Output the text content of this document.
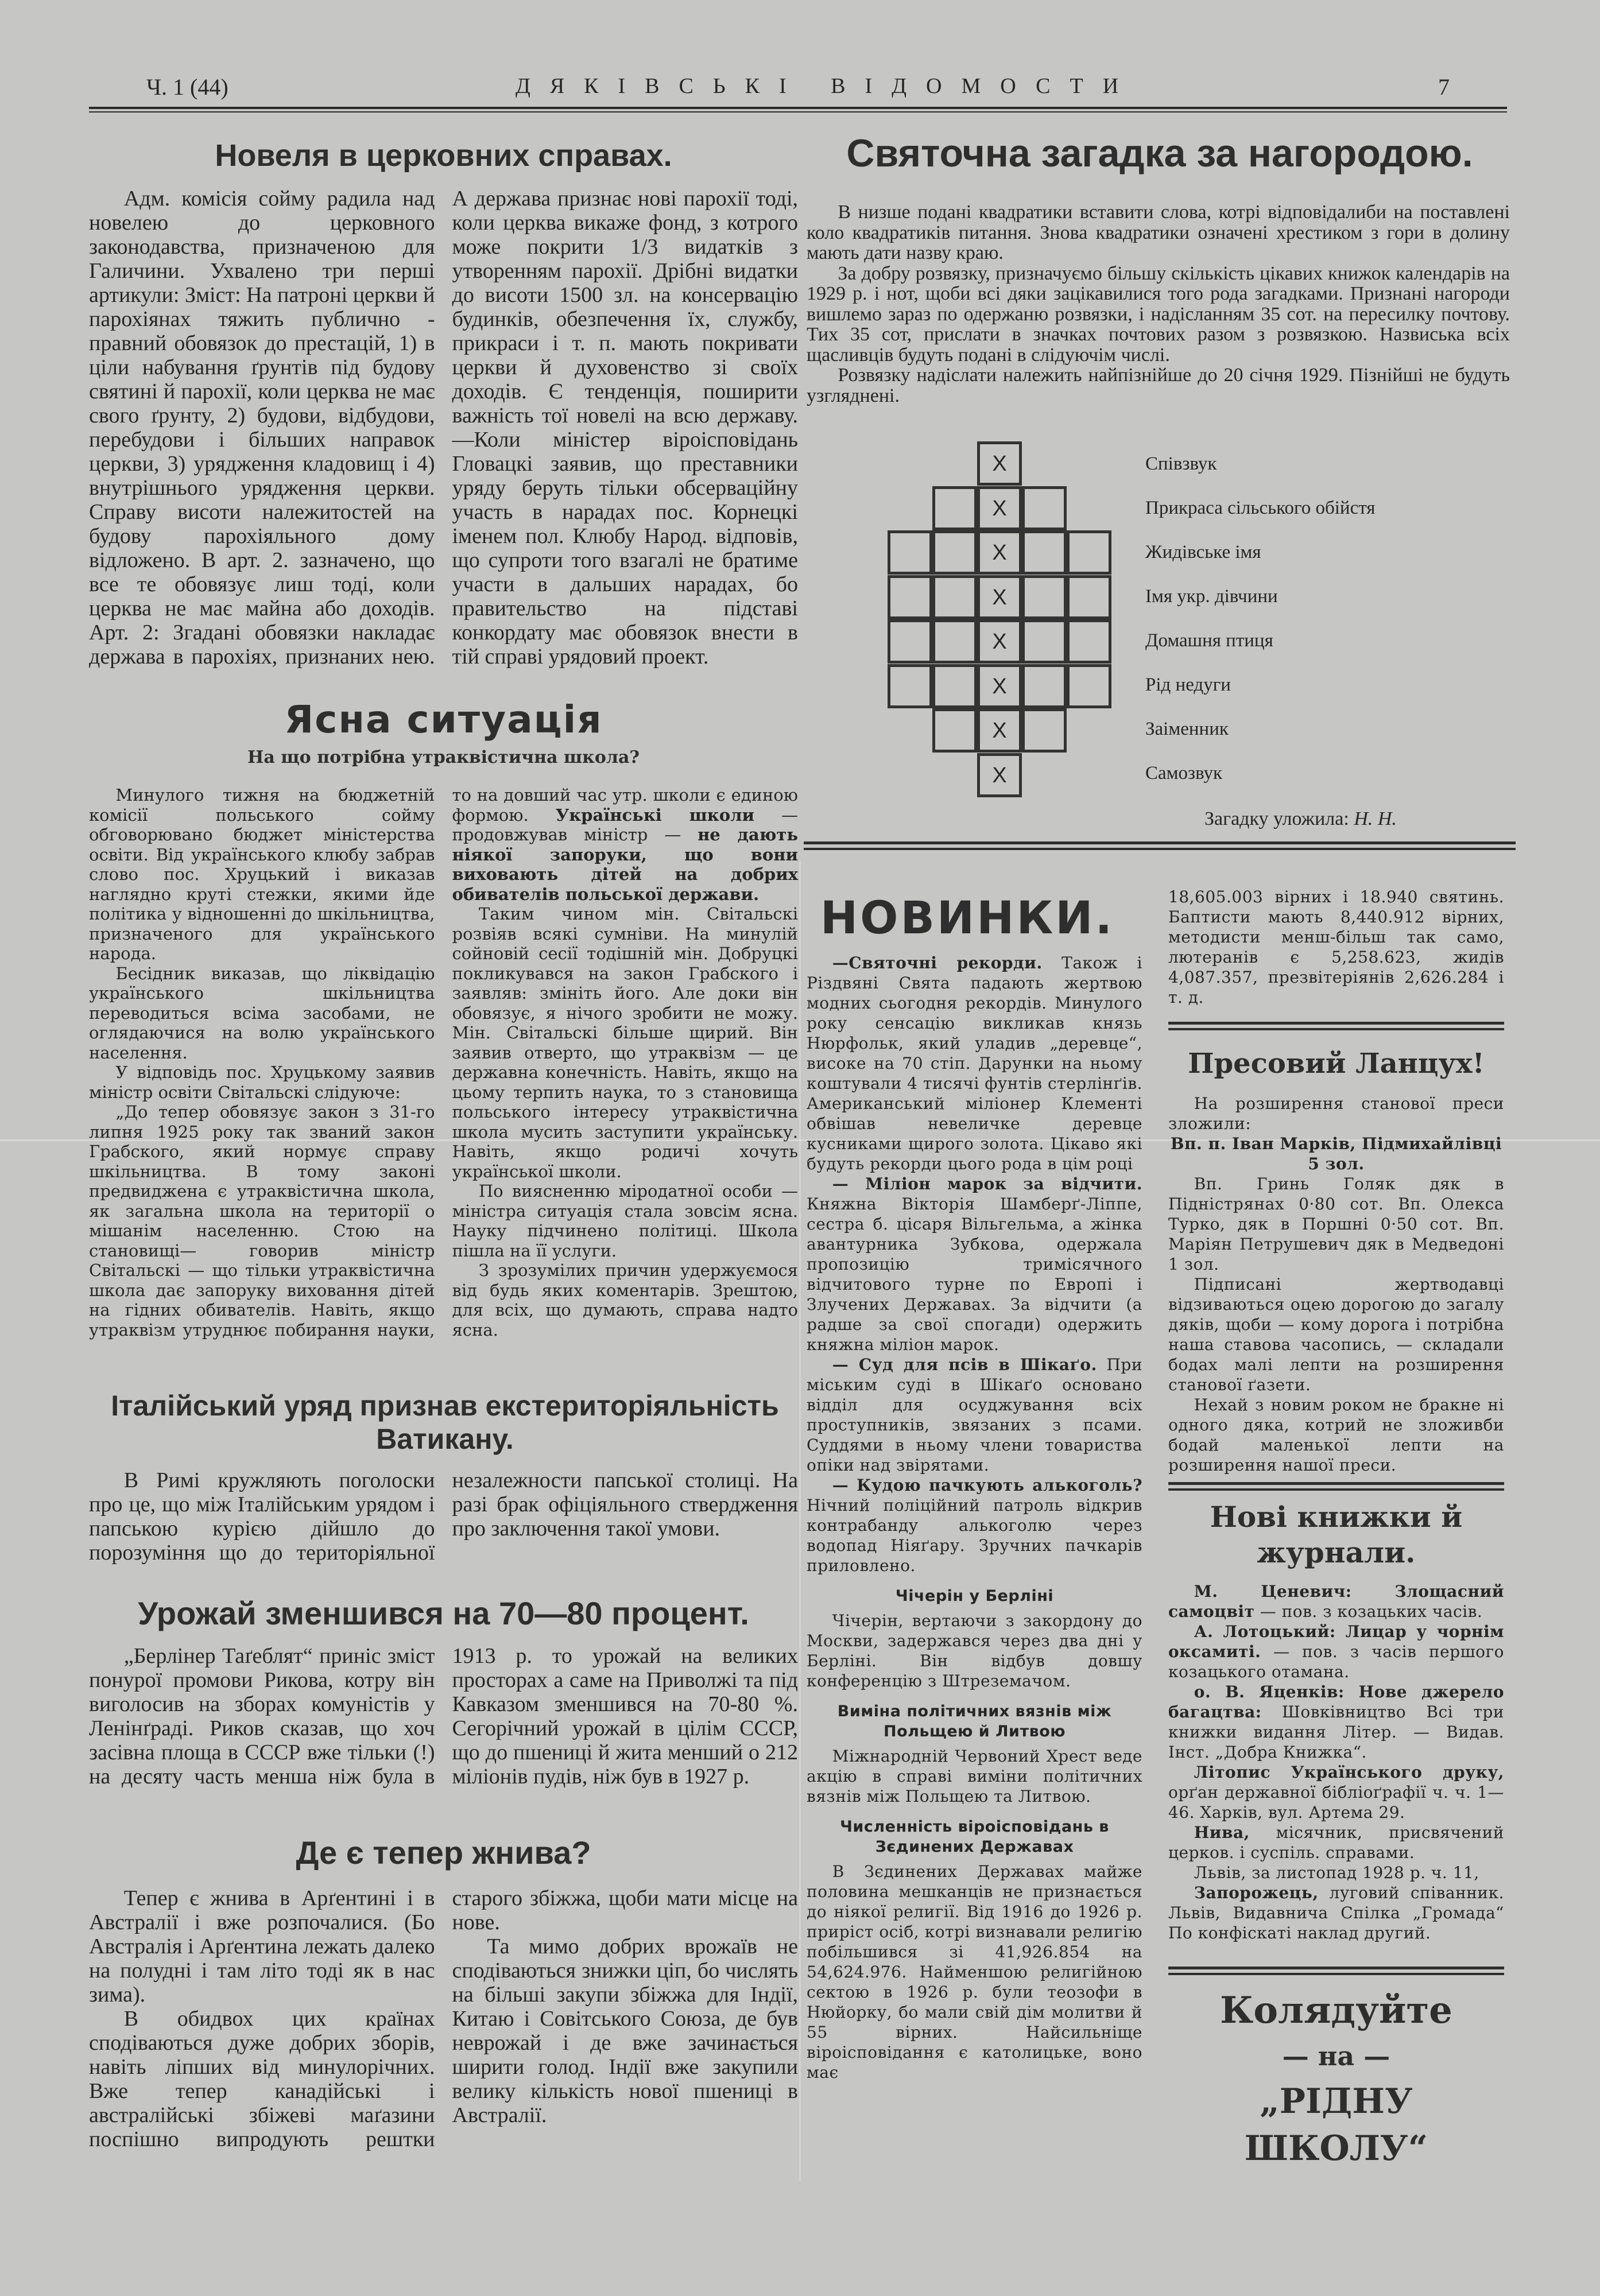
Ч. 1 (44)	ДЯКІВСЬКІ ВІДОМОСТИ	7
Новеля в церковних справах.

Адм. комісія сойму радила над новелею до церковного законодавства, призначеною для Галичини. Ухвалено три перші артикули: Зміст: На патроні церкви й парохіянах тяжить публично - правний обовязок до престацій, 1) в ціли набування ґрунтів під будову святині й парохії, коли церква не має свого ґрунту, 2) будови, відбудови, перебудови і більших направок церкви, 3) урядження кладовищ і 4) внутрішнього урядження церкви. Справу висоти належитостей на будову парохіяльного дому відложено. В арт. 2. зазначено, що все те обовязує лиш тоді, коли церква не має майна або доходів. Арт. 2: Згадані обовязки накладає держава в парохіях, признаних нею. А держава признає нові парохії тоді, коли церква викаже фонд, з котрого може покрити 1/3 видатків з утворенням парохії. Дрібні видатки до висоти 1500 зл. на консервацію будинків, обезпечення їх, службу, прикраси і т. п. мають покривати церкви й духовенство зі своїх доходів. Є тенденція, поширити важність тої новелі на всю державу. —Коли міністер віроісповідань Гловацкі заявив, що преставники уряду беруть тільки обсерваційну участь в нарадах пос. Корнецкі іменем пол. Клюбу Народ. відповів, що супроти того взагалі не братиме участи в дальших нарадах, бо правительство на підставі конкордату має обовязок внести в тій справі урядовий проект.

Ясна ситуація
На що потрібна утраквістична школа?

Минулого тижня на бюджетній комісії польського сойму обговорювано бюджет міністерства освіти. Від українського клюбу забрав слово пос. Хруцький і виказав наглядно круті стежки, якими йде політика у відношенні до шкільництва, призначеного для українського народа.

Бесідник виказав, що ліквідацію українського шкільництва переводиться всіма засобами, не оглядаючися на волю українського населення.

У відповідь пос. Хруцькому заявив міністр освіти Світальскі слідуюче:

„До тепер обовязує закон з 31-го липня 1925 року так званий закон Грабского, який нормує справу шкільництва. В тому законі предвиджена є утраквістична школа, як загальна школа на території о мішанім населенню. Стою на становищі— говорив міністр Світальскі — що тільки утраквістична школа дає запоруку виховання дітей на гідних обивателів. Навіть, якщо утраквізм утруднює побирання науки, то на довший час утр. школи є единою формою. Українські школи — продовжував міністр — не дають ніякої запоруки, що вони виховають дітей на добрих обивателів польської держави.

Таким чином мін. Світальскі розвіяв всякі сумніви. На минулій сойновій сесії тодішній мін. Добруцкі покликувався на закон Грабского і заявляв: змініть його. Але доки він обовязує, я нічого зробити не можу. Мін. Світальскі більше щирий. Він заявив отверто, що утраквізм — це державна конечність. Навіть, якщо на цьому терпить наука, то з становища польського інтересу утраквістична школа мусить заступити українську. Навіть, якщо родичі хочуть української школи.

По виясненню міродатної особи — міністра ситуація стала зовсім ясна. Науку підчинено політиці. Школа пішла на її услуги.

З зрозумілих причин удержуємося від будь яких коментарів. Зрештою, для всіх, що думають, справа надто ясна.

Італійський уряд признав екстериторіяльність Ватикану.

В Римі кружляють поголоски про це, що між Італійським урядом і папською курією дійшло до порозуміння що до територіяльної незалежности папської столиці. На разі брак офіціяльного ствердження про заключення такої умови.

Урожай зменшився на 70—80 процент.

„Берлінер Таґеблят“ приніс зміст понурої промови Рикова, котру він виголосив на зборах комуністів у Ленінґраді. Риков сказав, що хоч засівна площа в СССР вже тільки (!) на десяту часть менша ніж була в 1913 р. то урожай на великих просторах а саме на Приволжі та під Кавказом зменшився на 70-80 %. Сегорічний урожай в цілім СССР, що до пшениці й жита менший о 212 міліонів пудів, ніж був в 1927 р.

Де є тепер жнива?

Тепер є жнива в Арґентині і в Австралії і вже розпочалися. (Бо Австралія і Арґентина лежать далеко на полудні і там літо тоді як в нас зима).

В обидвох цих країнах сподіваються дуже добрих зборів, навіть ліпших від минулорічних. Вже тепер канадійські і австралійські збіжеві маґазини поспішно випродують рештки старого збіжжа, щоби мати місце на нове.

Та мимо добрих врожаїв не сподіваються знижки ціп, бо числять на більші закупи збіжжа для Індії, Китаю і Совітського Союза, де був неврожай і де вже зачинається ширити голод. Індії вже закупили велику кількість нової пшениці в Австралії.

Святочна загадка за нагородою.

В низше подані квадратики вставити слова, котрі відповідалиби на поставлені коло квадратиків питання. Знова квадратики означені хрестиком з гори в долину мають дати назву краю.

За добру розвязку, призначуємо більшу скількість цікавих книжок календарів на 1929 р. і нот, щоби всі дяки зацікавилися того рода загадками. Признані нагороди вишлемо зараз по одержаню розвязки, і надісланням 35 сот. на пересилку почтову. Тих 35 сот, прислати в значках почтових разом з розвязкою. Назвиська всіх щасливців будуть подані в слідуючім числі.

Розвязку надіслати належить найпізнійше до 20 січня 1929. Пізнійші не будуть узгляднені.

X
X
X
X
X
X
X
X
Співзвук
Прикраса сільського обійстя
Жидівське імя
Імя укр. дівчини
Домашня птиця
Рід недуги
Заіменник
Самозвук
Загадку уложила: Н. Н.
НОВИНКИ.

—Святочні рекорди. Також і Різдвяні Свята падають жертвою модних сьогодня рекордів. Минулого року сенсацію викликав князь Нюрфольк, який уладив „деревце“, високе на 70 стіп. Дарунки на ньому коштували 4 тисячі фунтів стерлінґів. Американський міліонер Клементі обвішав невеличке деревце кусниками щирого золота. Цікаво які будуть рекорди цього рода в цім році

— Міліон марок за відчити. Княжна Вікторія Шамберґ-Ліппе, сестра б. цісаря Вільгельма, а жінка авантурника Зубкова, одержала пропозицію тримісячного відчитового турне по Европі і Злучених Державах. За відчити (а радше за свої спогади) одержить княжна міліон марок.

— Суд для псів в Шікаґо. При міським суді в Шікаґо основано відділ для осуджування всіх проступників, звязаних з псами. Суддями в ньому члени товариства опіки над звірятами.

— Кудою пачкують алькоголь? Нічний поліційний патроль відкрив контрабанду алькоголю через водопад Ніяґару. Зручних пачкарів приловлено.

Чічерін у Берліні

Чічерін, вертаючи з закордону до Москви, задержався через два дні у Берліні. Він відбув довшу конференцію з Штреземачом.

Виміна політичних вязнів між Польщею й Литвою

Міжнародній Червоний Хрест веде акцію в справі виміни політичних вязнів між Польщею та Литвою.

Численність віроісповідань в Зєдинених Державах

В Зєдинених Державах майже половина мешканців не признається до ніякої религії. Від 1916 до 1926 р. приріст осіб, котрі визнавали религію побільшився зі 41,926.854 на 54,624.976. Найменшою религійною сектою в 1926 р. були теозофи в Нюйорку, бо мали свій дім молитви й 55 вірних. Найсильніще віроісповідання є католицьке, воно має

18,605.003 вірних і 18.940 святинь. Баптисти мають 8,440.912 вірних, методисти менш-більш так само, лютеранів є 5,258.623, жидів 4,087.357, презвітеріянів 2,626.284 і т. д.
Пресовий Ланцух!

На розширення станової преси зложили:

Вп. п. Іван Марків, Підмихайлівці 5 зол.

Вп. Гринь Голяк дяк в Підністрянах 0·80 сот. Вп. Олекса Турко, дяк в Поршні 0·50 сот. Вп. Маріян Петрушевич дяк в Медведоні 1 зол.

Підписані жертводавці відзиваються оцею дорогою до загалу дяків, щоби — кому дорога і потрібна наша ставова часопись, — складали бодах малі лепти на розширення станової ґазети.

Нехай з новим роком не бракне ні одного дяка, котрий не зложивби бодай маленької лепти на розширення нашої преси.

Нові книжки й
журнали.

М. Ценевич: Злощасний самоцвіт — пов. з козацьких часів.

А. Лотоцький: Лицар у чорнім оксамиті. — пов. з часів першого козацького отамана.

о. В. Яценків: Нове джерело багацтва: Шовківництво Всі три книжки видання Літер. — Видав. Інст. „Добра Книжка“.

Літопис Українського друку, орґан державної бібліоґрафії ч. ч. 1—46. Харків, вул. Артема 29.

Нива, місячник, присвячений церков. і суспіль. справами.

Львів, за листопад 1928 р. ч. 11,

Запорожець, луговий співанник. Львів, Видавнича Спілка „Громада“ По конфіскаті наклад другий.

Колядуйте
— на —
„РІДНУ ШКОЛУ“
